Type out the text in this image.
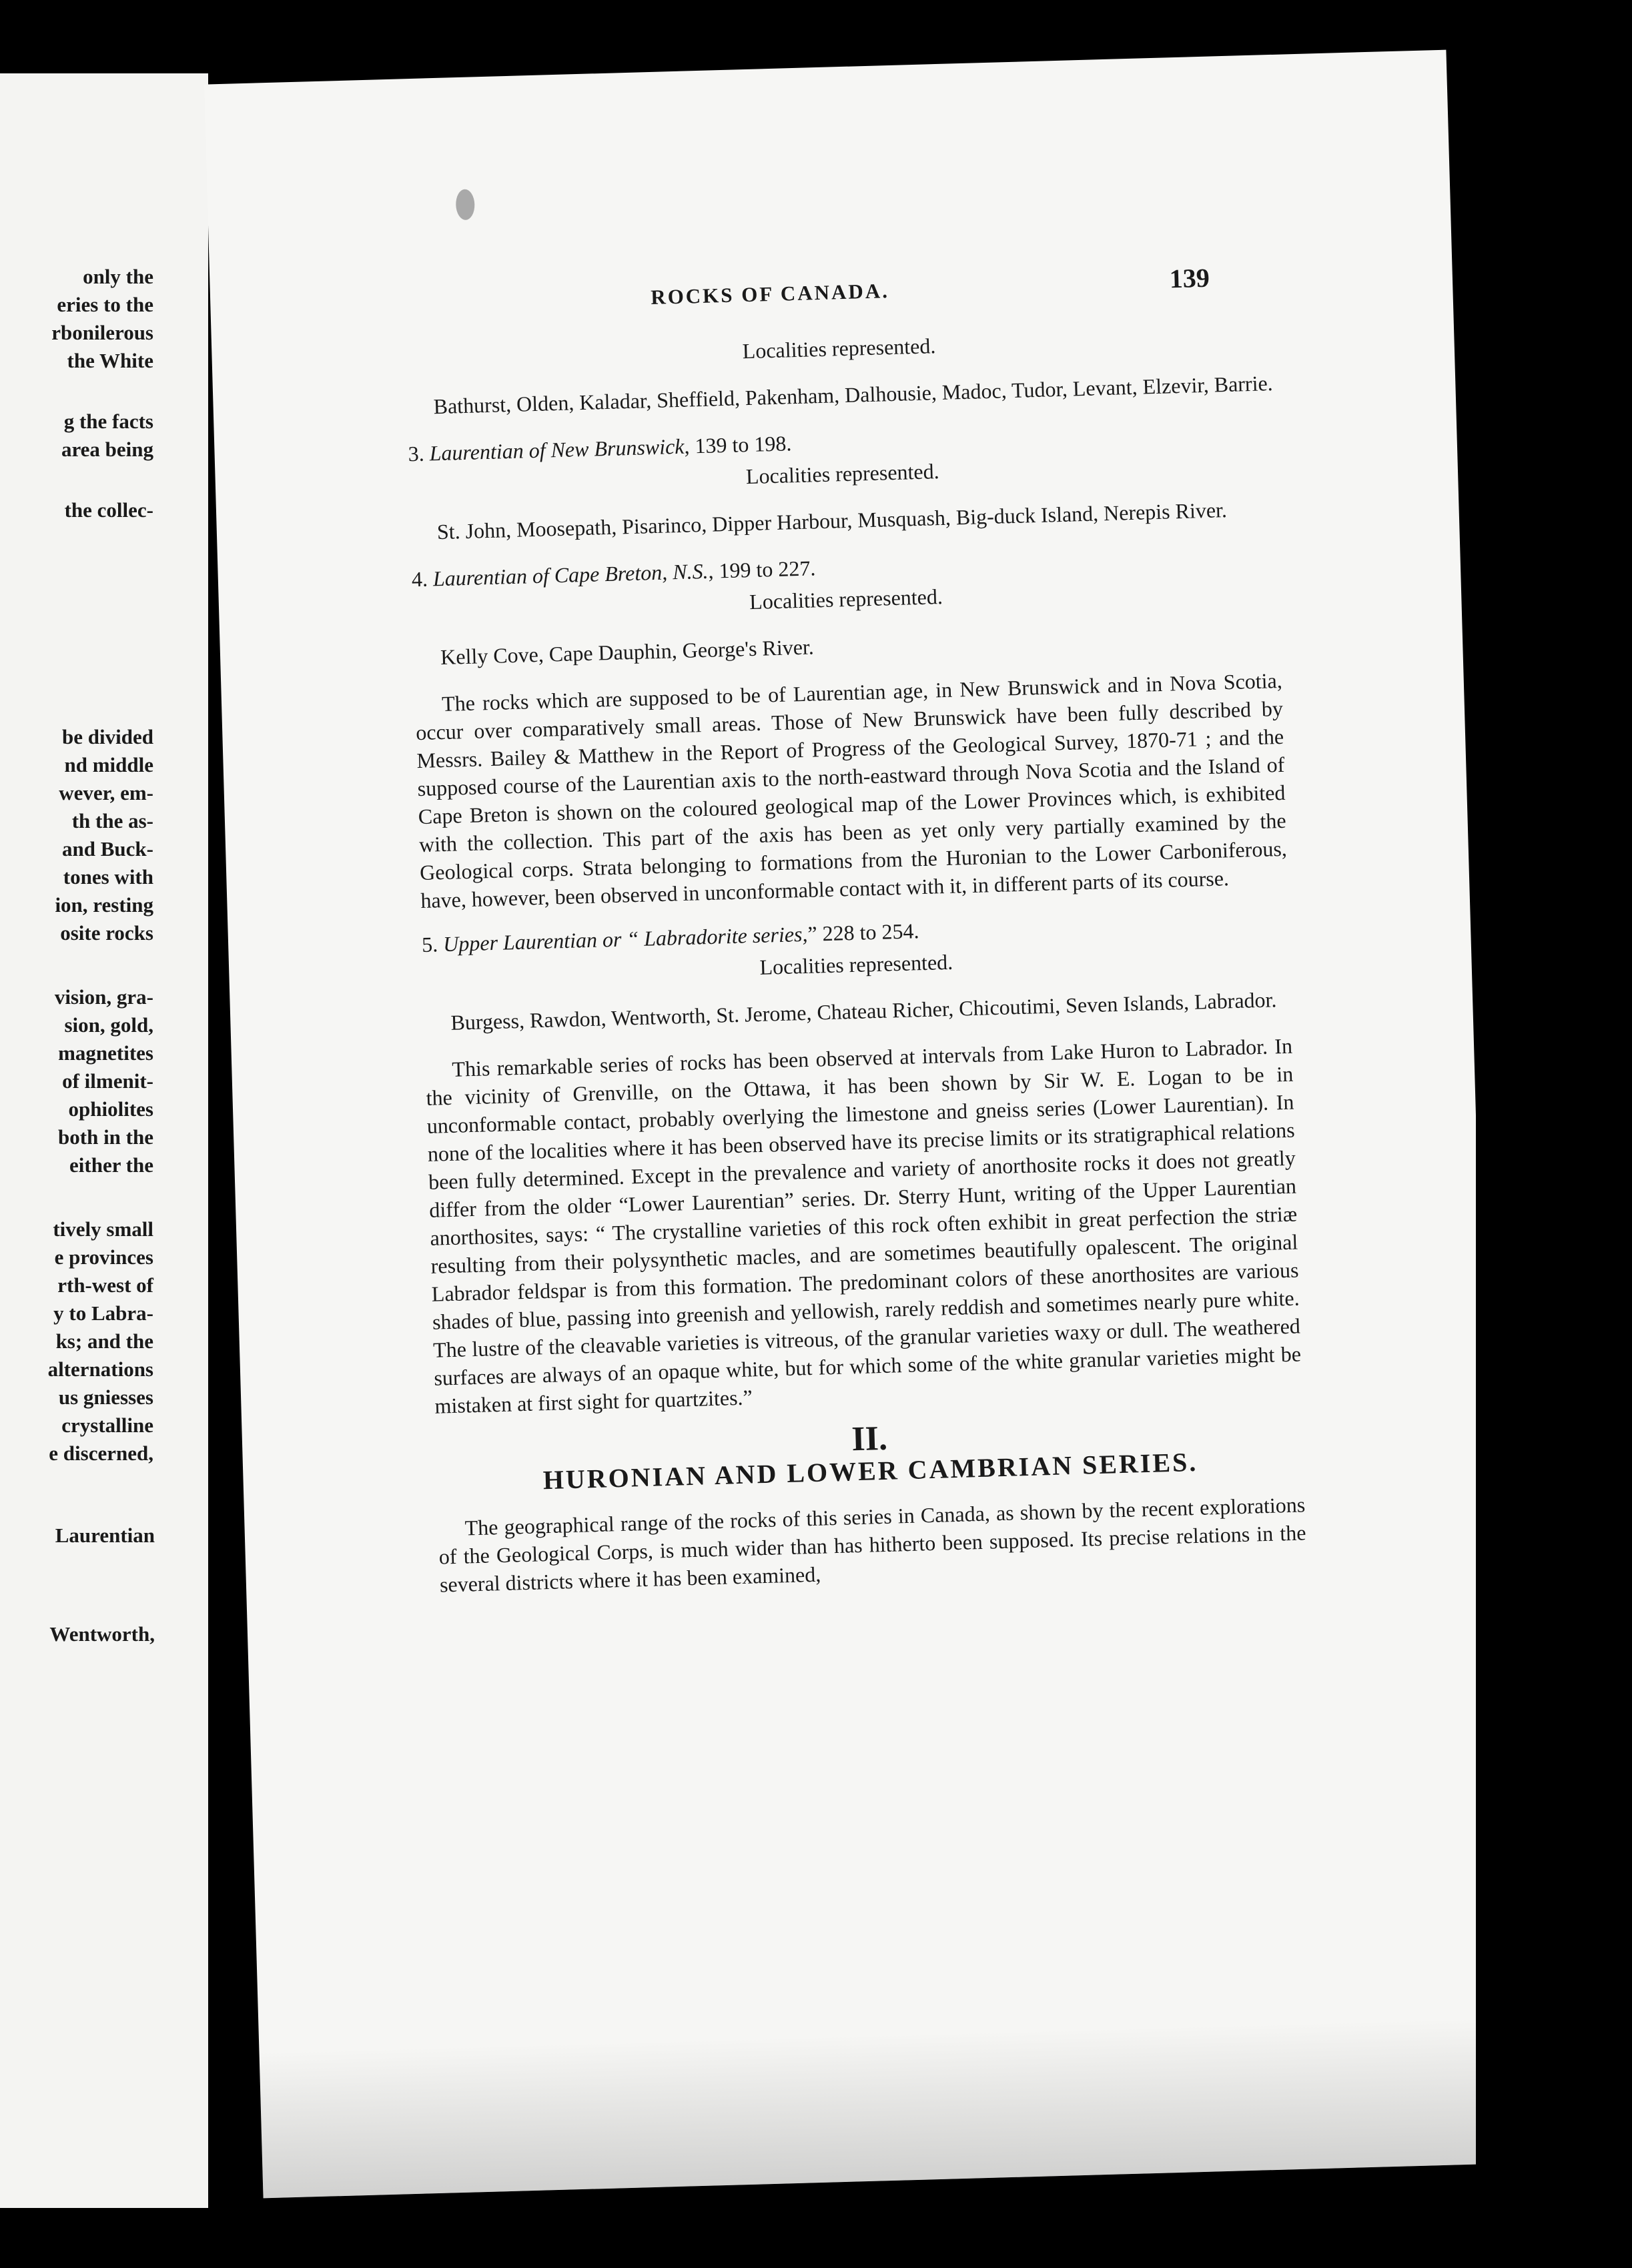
only the
eries to the
rbonilerous
the White
g the facts
area being
the collec-
be divided
nd middle
wever, em-
th the as-
and Buck-
tones with
ion, resting
osite rocks
vision, gra-
sion, gold,
magnetites
of ilmenit-
ophiolites
both in the
either the
tively small
e provinces
rth-west of
y to Labra-
ks; and the
alternations
us gniesses
crystalline
e discerned,
Laurentian
Wentworth,
ROCKS OF CANADA.
139
Localities represented.
Bathurst, Olden, Kaladar, Sheffield, Pakenham, Dalhousie, Madoc, Tudor, Levant, Elzevir, Barrie.
3. Laurentian of New Brunswick, 139 to 198.
Localities represented.
St. John, Moosepath, Pisarinco, Dipper Harbour, Musquash, Big-duck Island, Nerepis River.
4. Laurentian of Cape Breton, N.S., 199 to 227.
Localities represented.
Kelly Cove, Cape Dauphin, George's River.

The rocks which are supposed to be of Laurentian age, in New Brunswick and in Nova Scotia, occur over comparatively small areas. Those of New Brunswick have been fully described by Messrs. Bailey & Matthew in the Report of Progress of the Geological Survey, 1870-71 ; and the supposed course of the Laurentian axis to the north-eastward through Nova Scotia and the Island of Cape Breton is shown on the coloured geological map of the Lower Provinces which, is exhibited with the collection. This part of the axis has been as yet only very partially examined by the Geological corps. Strata belonging to formations from the Huronian to the Lower Carboniferous, have, however, been observed in unconformable contact with it, in different parts of its course.

5. Upper Laurentian or “ Labradorite series,” 228 to 254.
Localities represented.
Burgess, Rawdon, Wentworth, St. Jerome, Chateau Richer, Chicoutimi, Seven Islands, Labrador.

This remarkable series of rocks has been observed at intervals from Lake Huron to Labrador. In the vicinity of Grenville, on the Ottawa, it has been shown by Sir W. E. Logan to be in unconformable contact, probably overlying the limestone and gneiss series (Lower Laurentian). In none of the localities where it has been observed have its precise limits or its stratigraphical relations been fully determined. Except in the prevalence and variety of anorthosite rocks it does not greatly differ from the older “Lower Laurentian” series. Dr. Sterry Hunt, writing of the Upper Laurentian anorthosites, says: “ The crystalline varieties of this rock often exhibit in great perfection the striæ resulting from their polysynthetic macles, and are sometimes beautifully opalescent. The original Labrador feldspar is from this formation. The predominant colors of these anorthosites are various shades of blue, passing into greenish and yellowish, rarely reddish and sometimes nearly pure white. The lustre of the cleavable varieties is vitreous, of the granular varieties waxy or dull. The weathered surfaces are always of an opaque white, but for which some of the white granular varieties might be mistaken at first sight for quartzites.”

II.
HURONIAN AND LOWER CAMBRIAN SERIES.

The geographical range of the rocks of this series in Canada, as shown by the recent explorations of the Geological Corps, is much wider than has hitherto been supposed. Its precise relations in the several districts where it has been examined,
